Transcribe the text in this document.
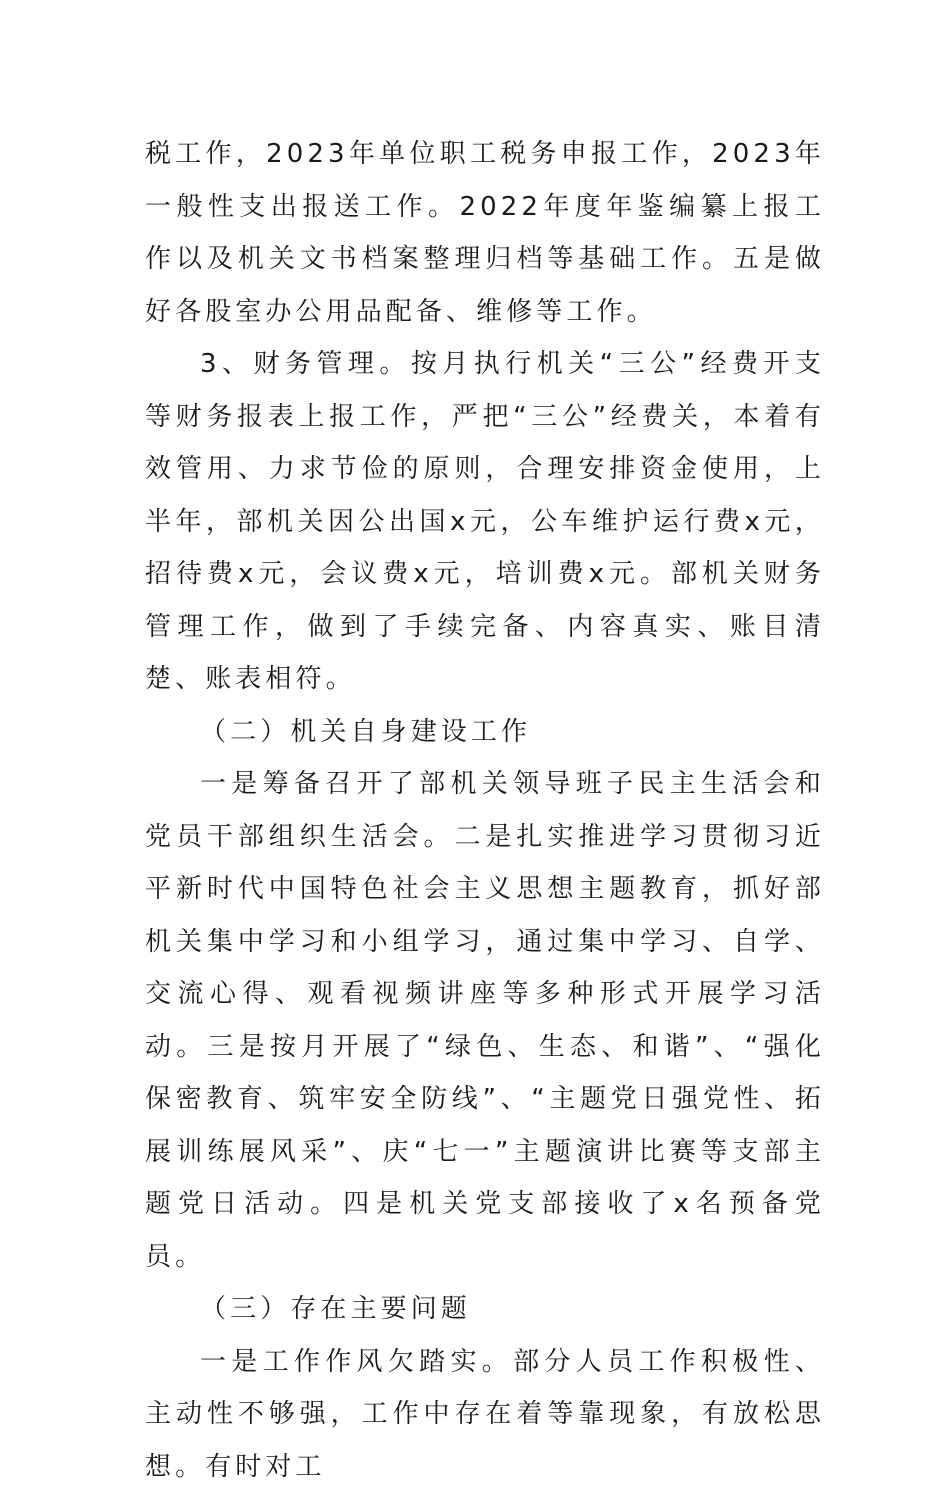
税工作，2023年单位职工税务申报工作，2023年一般性支出报送工作。2022年度年鉴编纂上报工作以及机关文书档案整理归档等基础工作。五是做好各股室办公用品配备、维修等工作。

3、财务管理。按月执行机关“三公”经费开支等财务报表上报工作，严把“三公”经费关，本着有效管用、力求节俭的原则，合理安排资金使用，上半年，部机关因公出国x元，公车维护运行费x元，招待费x元，会议费x元，培训费x元。部机关财务管理工作，做到了手续完备、内容真实、账目清楚、账表相符。

（二）机关自身建设工作

一是筹备召开了部机关领导班子民主生活会和党员干部组织生活会。二是扎实推进学习贯彻习近平新时代中国特色社会主义思想主题教育，抓好部机关集中学习和小组学习，通过集中学习、自学、交流心得、观看视频讲座等多种形式开展学习活动。三是按月开展了“绿色、生态、和谐”、“强化保密教育、筑牢安全防线”、“主题党日强党性、拓展训练展风采”、庆“七一”主题演讲比赛等支部主题党日活动。四是机关党支部接收了x名预备党员。

（三）存在主要问题

一是工作作风欠踏实。部分人员工作积极性、主动性不够强，工作中存在着等靠现象，有放松思想。有时对工
